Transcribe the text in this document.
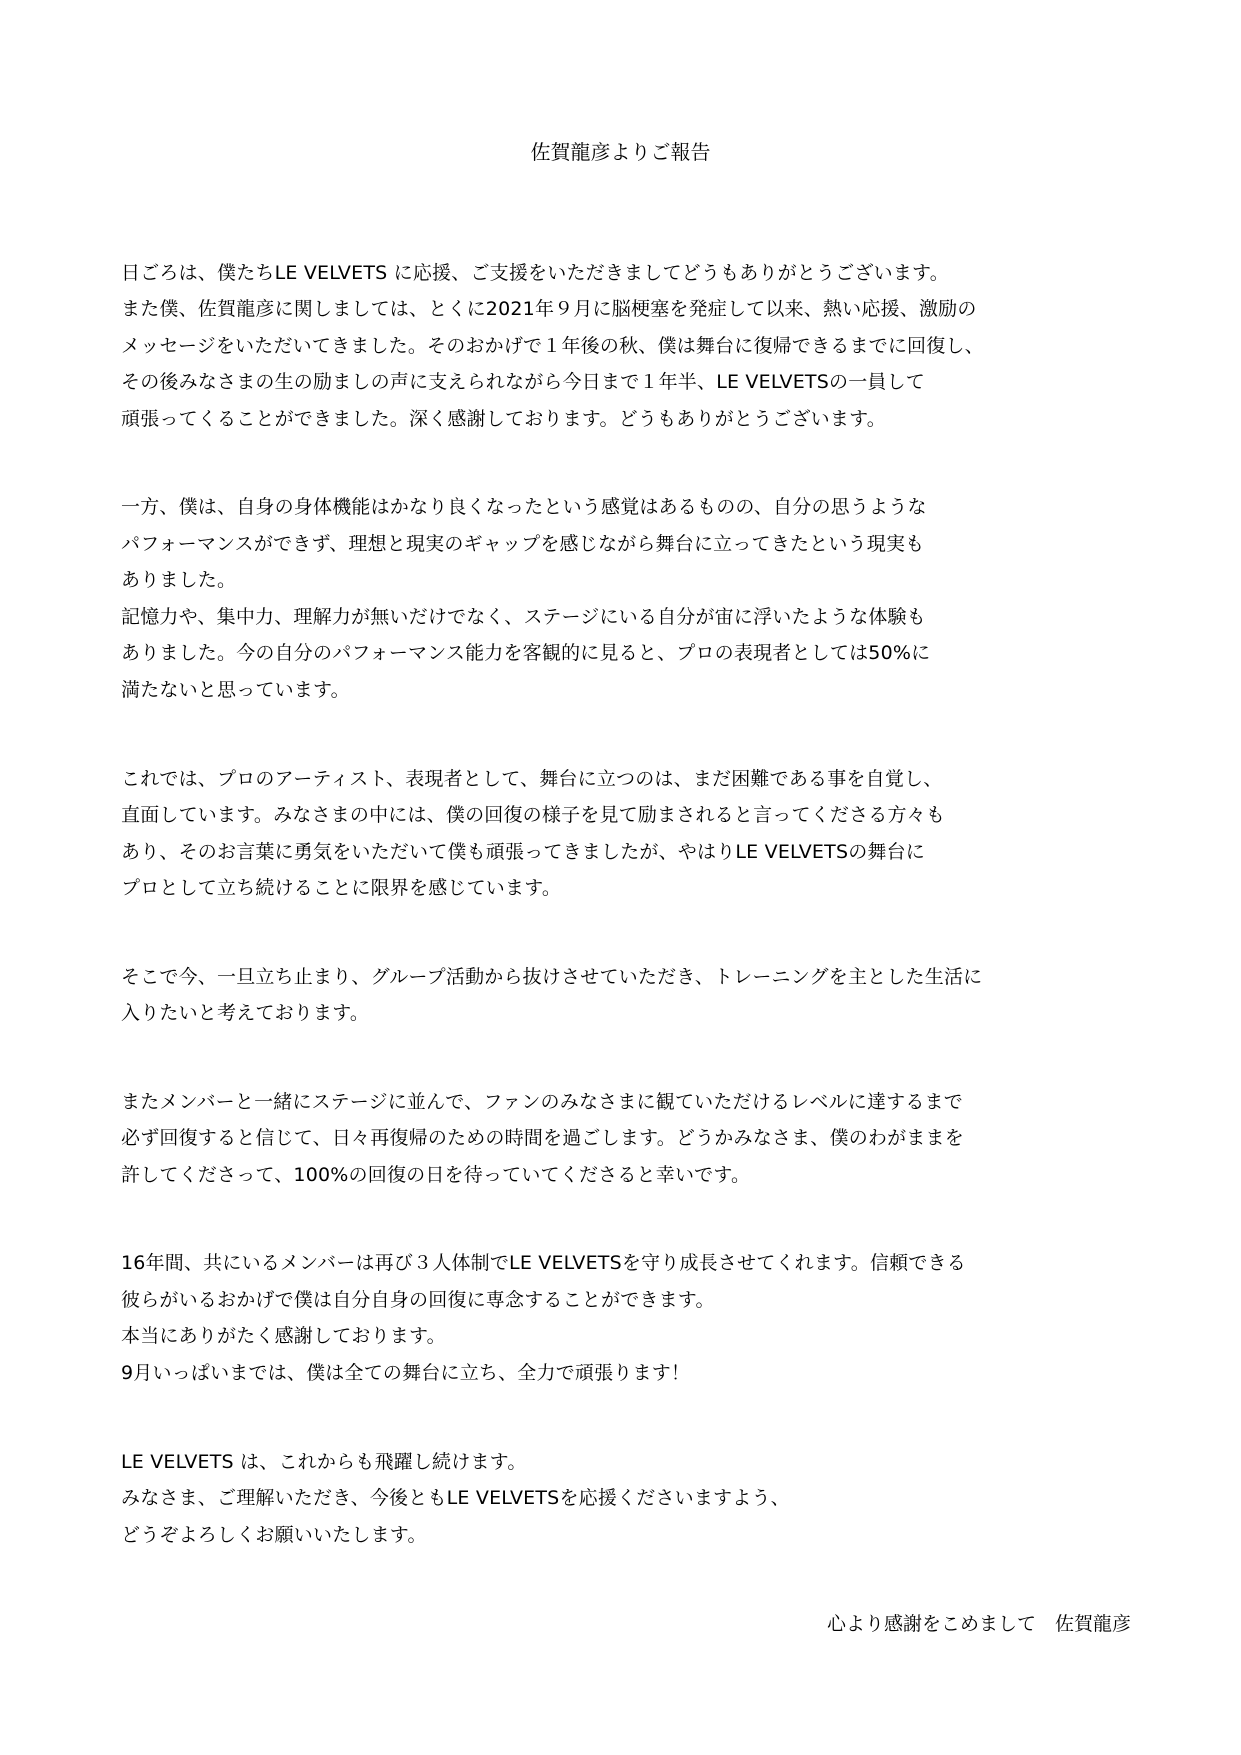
佐賀龍彦よりご報告
日ごろは、僕たちLE VELVETS に応援、ご支援をいただきましてどうもありがとうございます。
また僕、佐賀龍彦に関しましては、とくに2021年９月に脳梗塞を発症して以来、熱い応援、激励の
メッセージをいただいてきました。そのおかげで１年後の秋、僕は舞台に復帰できるまでに回復し、
その後みなさまの生の励ましの声に支えられながら今日まで１年半、LE VELVETSの一員して
頑張ってくることができました。深く感謝しております。どうもありがとうございます。
一方、僕は、自身の身体機能はかなり良くなったという感覚はあるものの、自分の思うような
パフォーマンスができず、理想と現実のギャップを感じながら舞台に立ってきたという現実も
ありました。
記憶力や、集中力、理解力が無いだけでなく、ステージにいる自分が宙に浮いたような体験も
ありました。今の自分のパフォーマンス能力を客観的に見ると、プロの表現者としては50%に
満たないと思っています。
これでは、プロのアーティスト、表現者として、舞台に立つのは、まだ困難である事を自覚し、
直面しています。みなさまの中には、僕の回復の様子を見て励まされると言ってくださる方々も
あり、そのお言葉に勇気をいただいて僕も頑張ってきましたが、やはりLE VELVETSの舞台に
プロとして立ち続けることに限界を感じています。
そこで今、一旦立ち止まり、グループ活動から抜けさせていただき、トレーニングを主とした生活に
入りたいと考えております。
またメンバーと一緒にステージに並んで、ファンのみなさまに観ていただけるレベルに達するまで
必ず回復すると信じて、日々再復帰のための時間を過ごします。どうかみなさま、僕のわがままを
許してくださって、100%の回復の日を待っていてくださると幸いです。
16年間、共にいるメンバーは再び３人体制でLE VELVETSを守り成長させてくれます。信頼できる
彼らがいるおかげで僕は自分自身の回復に専念することができます。
本当にありがたく感謝しております。
9月いっぱいまでは、僕は全ての舞台に立ち、全力で頑張ります！
LE VELVETS は、これからも飛躍し続けます。
みなさま、ご理解いただき、今後ともLE VELVETSを応援くださいますよう、
どうぞよろしくお願いいたします。
心より感謝をこめまして　佐賀龍彦
